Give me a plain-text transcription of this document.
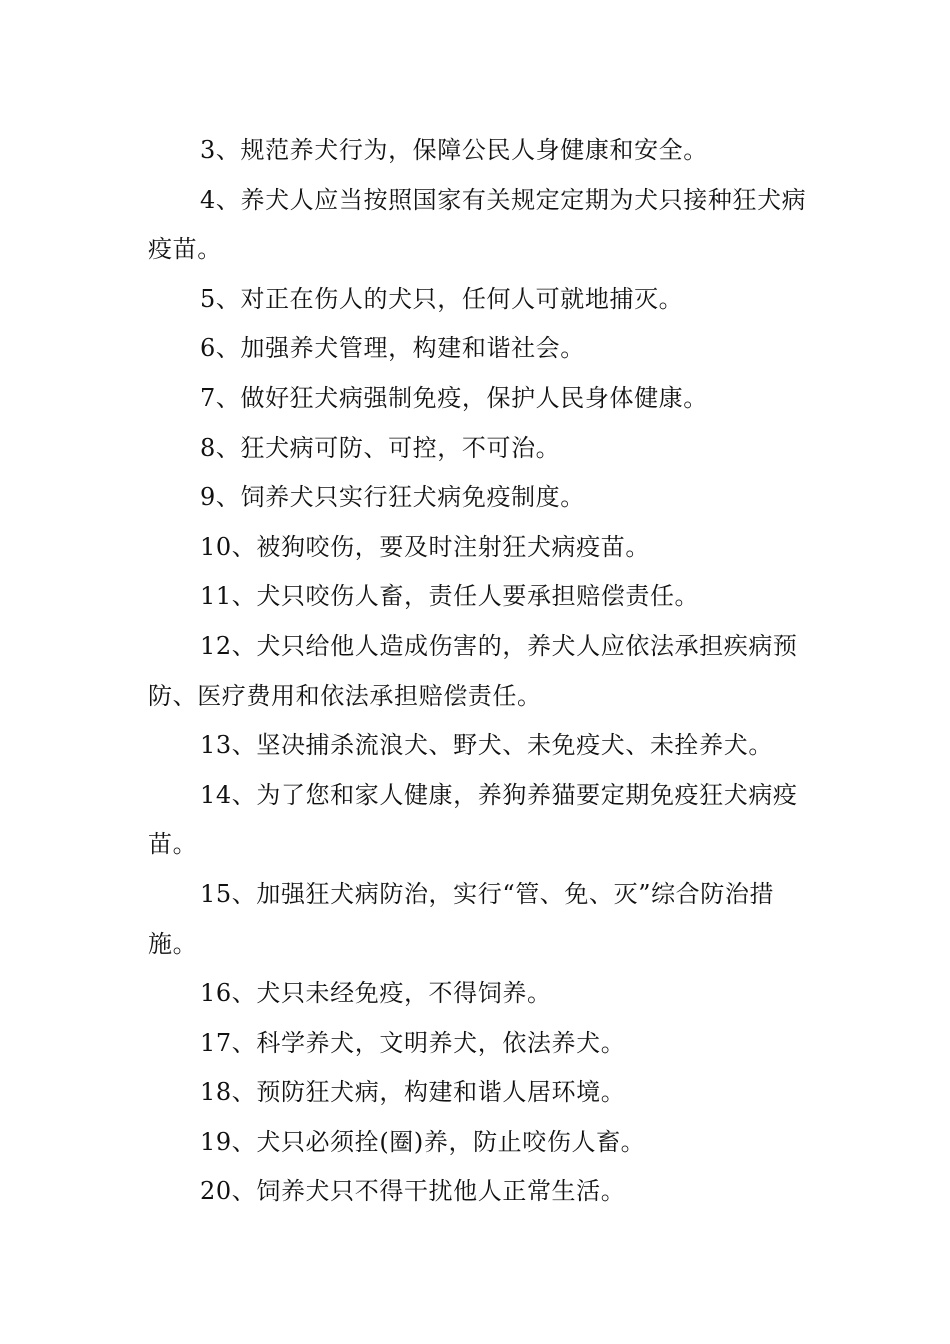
3、规范养犬行为，保障公民人身健康和安全。

4、养犬人应当按照国家有关规定定期为犬只接种狂犬病疫苗。

5、对正在伤人的犬只，任何人可就地捕灭。

6、加强养犬管理，构建和谐社会。

7、做好狂犬病强制免疫，保护人民身体健康。

8、狂犬病可防、可控，不可治。

9、饲养犬只实行狂犬病免疫制度。

10、被狗咬伤，要及时注射狂犬病疫苗。

11、犬只咬伤人畜，责任人要承担赔偿责任。

12、犬只给他人造成伤害的，养犬人应依法承担疾病预防、医疗费用和依法承担赔偿责任。

13、坚决捕杀流浪犬、野犬、未免疫犬、未拴养犬。

14、为了您和家人健康，养狗养猫要定期免疫狂犬病疫苗。

15、加强狂犬病防治，实行“管、免、灭”综合防治措施。

16、犬只未经免疫，不得饲养。

17、科学养犬，文明养犬，依法养犬。

18、预防狂犬病，构建和谐人居环境。

19、犬只必须拴(圈)养，防止咬伤人畜。

20、饲养犬只不得干扰他人正常生活。
